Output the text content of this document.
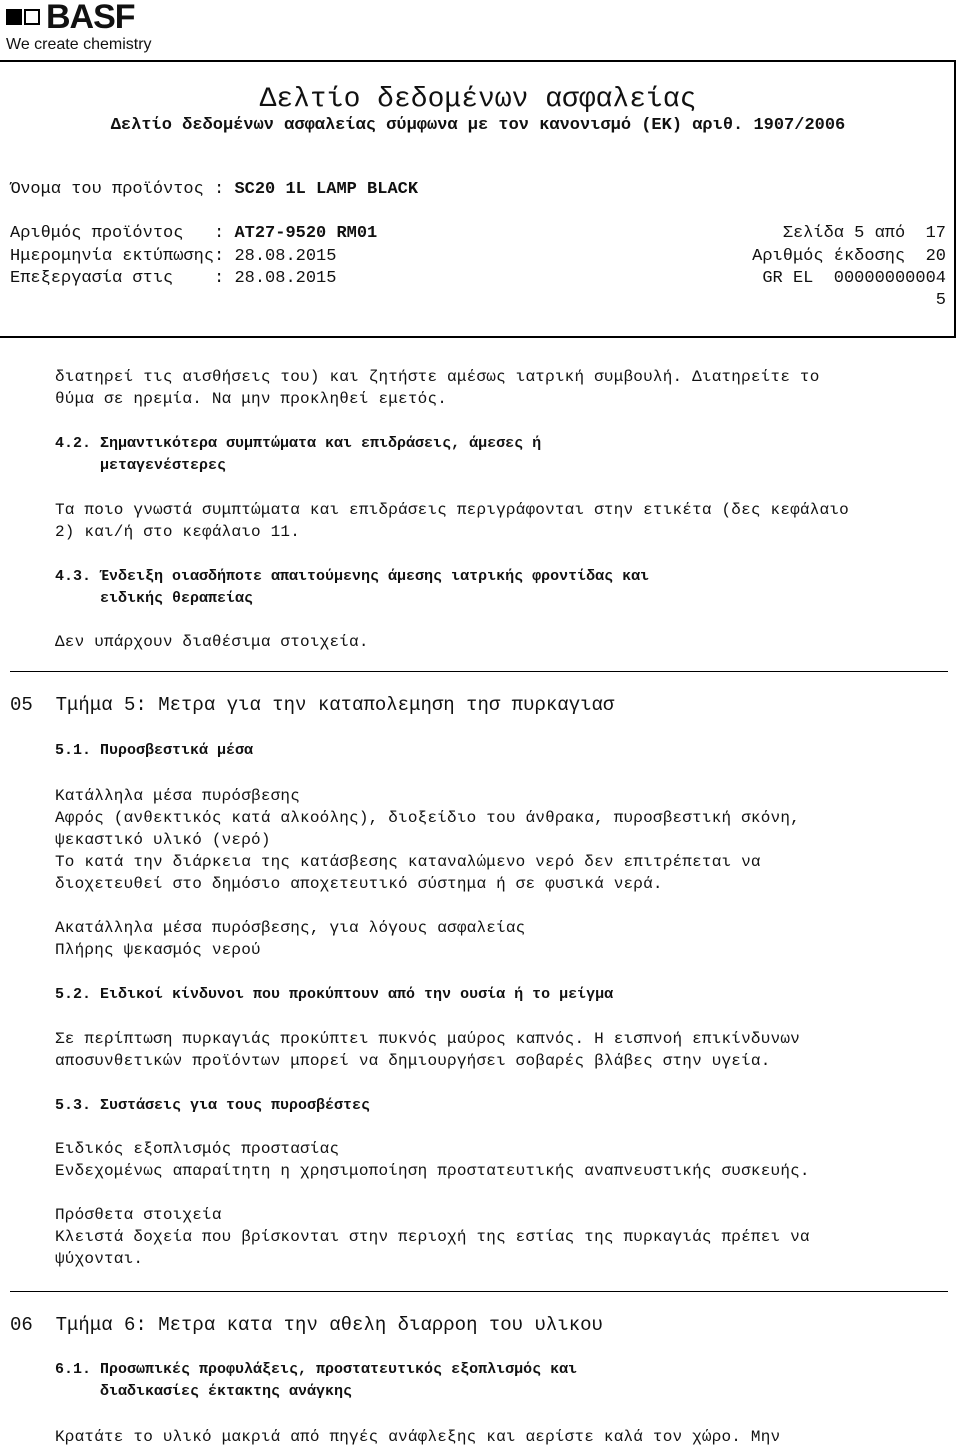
BASF
We create chemistry
Δελτίο δεδομένων ασφαλείας
Δελτίο δεδομένων ασφαλείας σύμφωνα με τον κανονισμό (ΕΚ) αριθ. 1907/2006
Όνομα του προϊόντος : SC20 1L LAMP BLACK
Αριθμός προϊόντος   : AT27-9520 RM01
Ημερομηνία εκτύπωσης: 28.08.2015
Επεξεργασία στις    : 28.08.2015
Σελίδα 5 από  17
Αριθμός έκδοσης  20
GR EL  00000000004
5
διατηρεί τις αισθήσεις του) και ζητήστε αμέσως ιατρική συμβουλή. Διατηρείτε το
θύμα σε ηρεμία. Να μην προκληθεί εμετός.
4.2. Σημαντικότερα συμπτώματα και επιδράσεις, άμεσες ή
μεταγενέστερες
Τα ποιο γνωστά συμπτώματα και επιδράσεις περιγράφονται στην ετικέτα (δες κεφάλαιο
2) και/ή στο κεφάλαιο 11.
4.3. Ένδειξη οιασδήποτε απαιτούμενης άμεσης ιατρικής φροντίδας και
ειδικής θεραπείας
Δεν υπάρχουν διαθέσιμα στοιχεία.
05  Τμήμα 5: Μετρα για την καταπολεμηση τησ πυρκαγιασ
5.1. Πυροσβεστικά μέσα
Κατάλληλα μέσα πυρόσβεσης
Αφρός (ανθεκτικός κατά αλκοόλης), διοξείδιο του άνθρακα, πυροσβεστική σκόνη,
ψεκαστικό υλικό (νερό)
Το κατά την διάρκεια της κατάσβεσης καταναλώμενο νερό δεν επιτρέπεται να
διοχετευθεί στο δημόσιο αποχετευτικό σύστημα ή σε φυσικά νερά.
Ακατάλληλα μέσα πυρόσβεσης, για λόγους ασφαλείας
Πλήρης ψεκασμός νερού
5.2. Ειδικοί κίνδυνοι που προκύπτουν από την ουσία ή το μείγμα
Σε περίπτωση πυρκαγιάς προκύπτει πυκνός μαύρος καπνός. Η εισπνοή επικίνδυνων
αποσυνθετικών προϊόντων μπορεί να δημιουργήσει σοβαρές βλάβες στην υγεία.
5.3. Συστάσεις για τους πυροσβέστες
Ειδικός εξοπλισμός προστασίας
Ενδεχομένως απαραίτητη η χρησιμοποίηση προστατευτικής αναπνευστικής συσκευής.
Πρόσθετα στοιχεία
Κλειστά δοχεία που βρίσκονται στην περιοχή της εστίας της πυρκαγιάς πρέπει να
ψύχονται.
06  Τμήμα 6: Μετρα κατα την αθελη διαρροη του υλικου
6.1. Προσωπικές προφυλάξεις, προστατευτικός εξοπλισμός και
διαδικασίες έκτακτης ανάγκης
Κρατάτε το υλικό μακριά από πηγές ανάφλεξης και αερίστε καλά τον χώρο. Μην
